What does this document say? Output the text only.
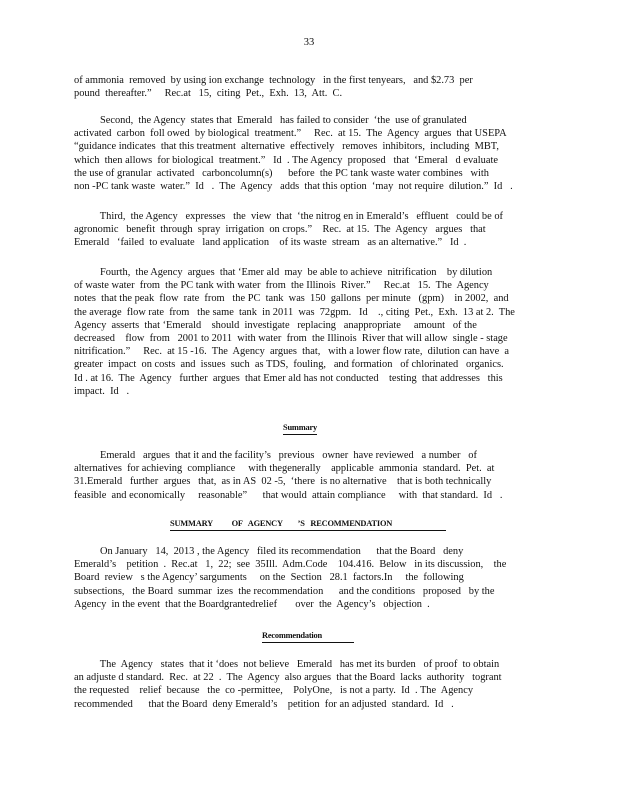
33
of ammonia  removed  by using ion exchange  technology   in the first tenyears,   and $2.73  per
pound  thereafter.”     Rec.at   15,  citing  Pet.,  Exh.  13,  Att.  C.
Second,  the Agency  states that  Emerald   has failed to consider  ‘the  use of granulated
activated  carbon  foll owed  by biological  treatment.”     Rec.  at 15.  The  Agency  argues  that USEPA
“guidance indicates  that this treatment  alternative  effectively   removes  inhibitors,  including  MBT,
which  then allows  for biological  treatment.”   Id  . The Agency  proposed   that  ‘Emeral   d evaluate
the use of granular  activated   carboncolumn(s)      before  the PC tank waste water combines   with
non -PC tank waste  water.”  Id   .  The  Agency   adds  that this option  ‘may  not require  dilution.”  Id   .
Third,  the Agency   expresses   the  view  that  ‘the nitrog en in Emerald’s   effluent   could be of
agronomic   benefit  through  spray  irrigation  on crops.”    Rec.  at 15.  The  Agency   argues   that
Emerald   ‘failed  to evaluate   land application    of its waste  stream   as an alternative.”   Id  .
Fourth,  the Agency  argues  that ‘Emer ald  may  be able to achieve  nitrification    by dilution
of waste water  from  the PC tank with water  from  the Illinois  River.”     Rec.at   15.  The  Agency
notes  that the peak  flow  rate  from   the PC  tank  was  150  gallons  per minute   (gpm)    in 2002,  and
the average  flow rate  from   the same  tank  in 2011  was  72gpm.   Id    ., citing  Pet.,  Exh.  13 at 2.  The
Agency  asserts  that ‘Emerald    should  investigate   replacing   anappropriate     amount   of the
decreased    flow  from   2001 to 2011  with water  from  the Illinois  River that will allow  single - stage
nitrification.”     Rec.  at 15 -16.  The  Agency  argues  that,   with a lower flow rate,  dilution can have  a
greater  impact  on costs  and  issues  such  as TDS,  fouling,   and formation   of chlorinated   organics.
Id . at 16.  The  Agency   further  argues  that Emer ald has not conducted    testing  that addresses   this
impact.  Id   .
Summary
Emerald   argues  that it and the facility’s   previous   owner  have reviewed   a number   of
alternatives  for achieving  compliance     with thegenerally    applicable  ammonia  standard.  Pet.  at
31.Emerald   further  argues   that,  as in AS  02 -5,  ‘there  is no alternative    that is both technically
feasible  and economically     reasonable”      that would  attain compliance     with  that standard.  Id   .
SUMMARY          OF   AGENCY        ’S   RECOMMENDATION
On January   14,  2013 , the Agency   filed its recommendation      that the Board   deny
Emerald’s    petition  .  Rec.at   1,  22;  see  35Ill.  Adm.Code    104.416.  Below   in its discussion,    the
Board  review   s the Agency’ sarguments     on the  Section   28.1  factors.In     the  following
subsections,   the Board  summar  izes  the recommendation      and the conditions   proposed   by the
Agency  in the event  that the Boardgrantedrelief       over  the  Agency’s   objection  .
Recommendation
The  Agency   states  that it ‘does  not believe   Emerald   has met its burden   of proof  to obtain
an adjuste d standard.  Rec.  at 22  .  The  Agency  also argues  that the Board  lacks  authority   togrant
the requested    relief  because   the  co -permittee,    PolyOne,   is not a party.  Id  . The  Agency
recommended      that the Board  deny Emerald’s    petition  for an adjusted  standard.  Id   .
